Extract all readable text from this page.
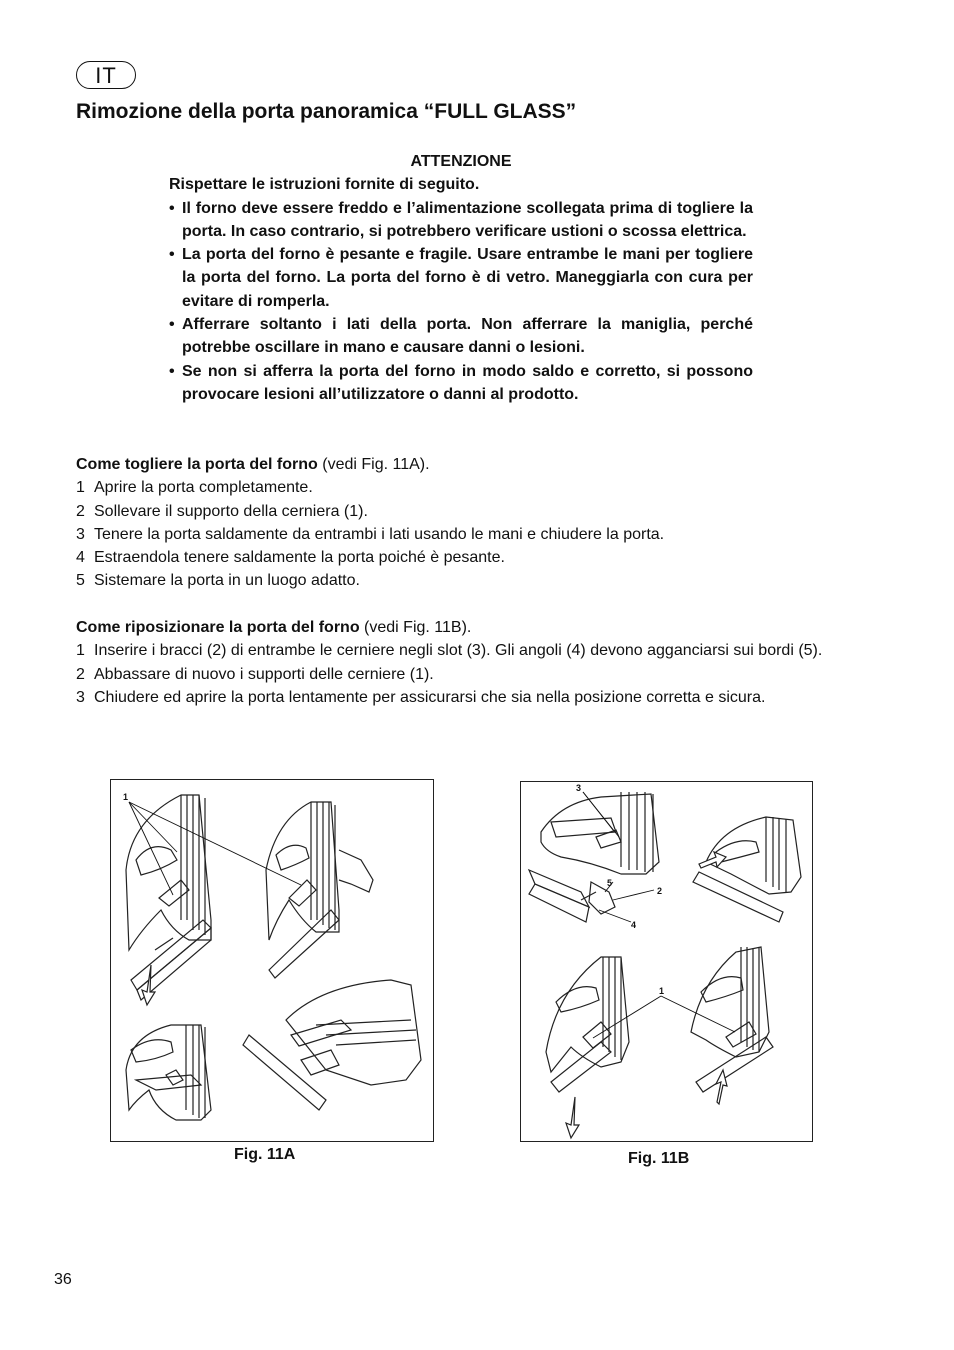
IT
Rimozione della porta panoramica “FULL GLASS”
ATTENZIONE
Rispettare le istruzioni fornite di seguito.
• Il forno deve essere freddo e l’alimentazione scollegata prima di togliere la porta. In caso contrario, si potrebbero verificare ustioni o scossa elettrica.
• La porta del forno è pesante e fragile. Usare entrambe le mani per togliere la porta del forno. La porta del forno è di vetro. Maneggiarla con cura per evitare di romperla.
• Afferrare soltanto i lati della porta. Non afferrare la maniglia, perché potrebbe oscillare in mano e causare danni o lesioni.
• Se non si afferra la porta del forno in modo saldo e corretto, si possono provocare lesioni all’utilizzatore o danni al prodotto.
Come togliere la porta del forno (vedi Fig. 11A).
1 Aprire la porta completamente.
2 Sollevare il supporto della cerniera (1).
3 Tenere la porta saldamente da entrambi i lati usando le mani e chiudere la porta.
4 Estraendola tenere saldamente la porta poiché è pesante.
5 Sistemare la porta in un luogo adatto.
Come riposizionare la porta del forno (vedi Fig. 11B).
1 Inserire i bracci (2) di entrambe le cerniere negli slot (3). Gli angoli (4) devono agganciarsi sui bordi (5).
2 Abbassare di nuovo i supporti delle cerniere (1).
3 Chiudere ed aprire la porta lentamente per assicurarsi che sia nella posizione corretta e sicura.
1
Fig. 11A
3
5
2
4
1
Fig. 11B
36
